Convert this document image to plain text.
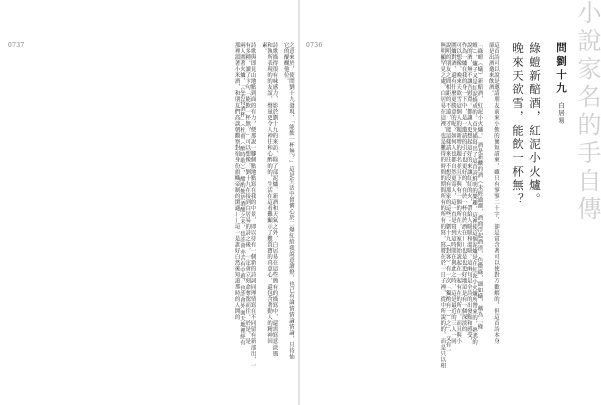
0737	0736
之意來於，使問劉十九發現，「能飲一杯無？」這是生活中留憐心於二爆紅給我說意讀燈，也已有論情情論情論，只待仙
它的醍醐他位。
詩歌描得很有味感力，影於劉十九的來訪，除了部泥爐、新酒和天氣之外，白居易在這些簡有的描寫中，還需寫意淡風
和執所表現的的友誼，聲量更令人神往和心醉的的，生活在這看難顯示了難質寶的真意心，還包含著動人的精神因
素。
詩歌與即見山地點到面的有力，便那說一腳個點地點寫在我的中景，即以待有一個新的詩詞同理情寫在不同留有新部出，一
有多種。讀了卞句「能飲一杯無？」可以想像，劉十九在接到白居易的詩之後，一定會立刻命奪駕而往。於是，是
兩人圍著火爐，「忘若持酒杯」（杜甫〈醉時歌〉），酣酌飲於酒酣之未，也許會亦舌有中遊，也許會外面天地裡經有
那裡溫著小米酒，和朋友們高談朝觀察對宿身份旗幟帝制的閑適——這一是誰好白然後知道那時的人開的	問劉十九白居易
綠螘新醅酒，紅泥小火爐。
晚來天欲雪，能飲一杯無？
這首詩可以說是邀請朋友前來小飲的簡短請柬，雖只有寥寥二十字，卻是富含著可以使對方歡解的，但這首詩本身
卻是出酒邀來飲酒。
「綠螘（蟻）新醅酒，紅泥小火爐。」酒是新釀的酒（未經過濾，酒面浮起酒渣，色微綠，細如蟻，稱為「綠
螘」），爐子又是紅泥燒成的。首先描寫出了這首詩鮮明的樂趣，這裡使這個泥爐是在紅泥小火爐所帶來的，熟悉的
說的酒，無不讓吾慰寬。都讓人更想起這好的來讓紅紅的火，帶給人暖暖和溫暖。這兩句是全詩的出發點和感受，
作為一爐在我的身一下中，是一邀請的引子也更好的，在於一杯在於酒在——也是也更好地這是有一個深淡的
可以想像，晚來天欲雪這個人的題新增的題名並且下與有一個的所在，大家開始說起在一起有在的所在，而且與小
圍爐對酒，還有什麼更勝意的呢？如何人也都自然更寄人，這一直是寫到這時間在與此之時，這是最近的三人一同
說明的朋友之間相距的不遠，才能這樣請來往不想沒有那家的這些；劉十九（對客）有一次「獨酌有一）之」，又有一
無明顯罕見之處，白居易在這裡，也是難得的時間的期間所有的所有的寫，寫將在於一日子裡，從中所說的的，而是只以相	小說家名的手自傳
